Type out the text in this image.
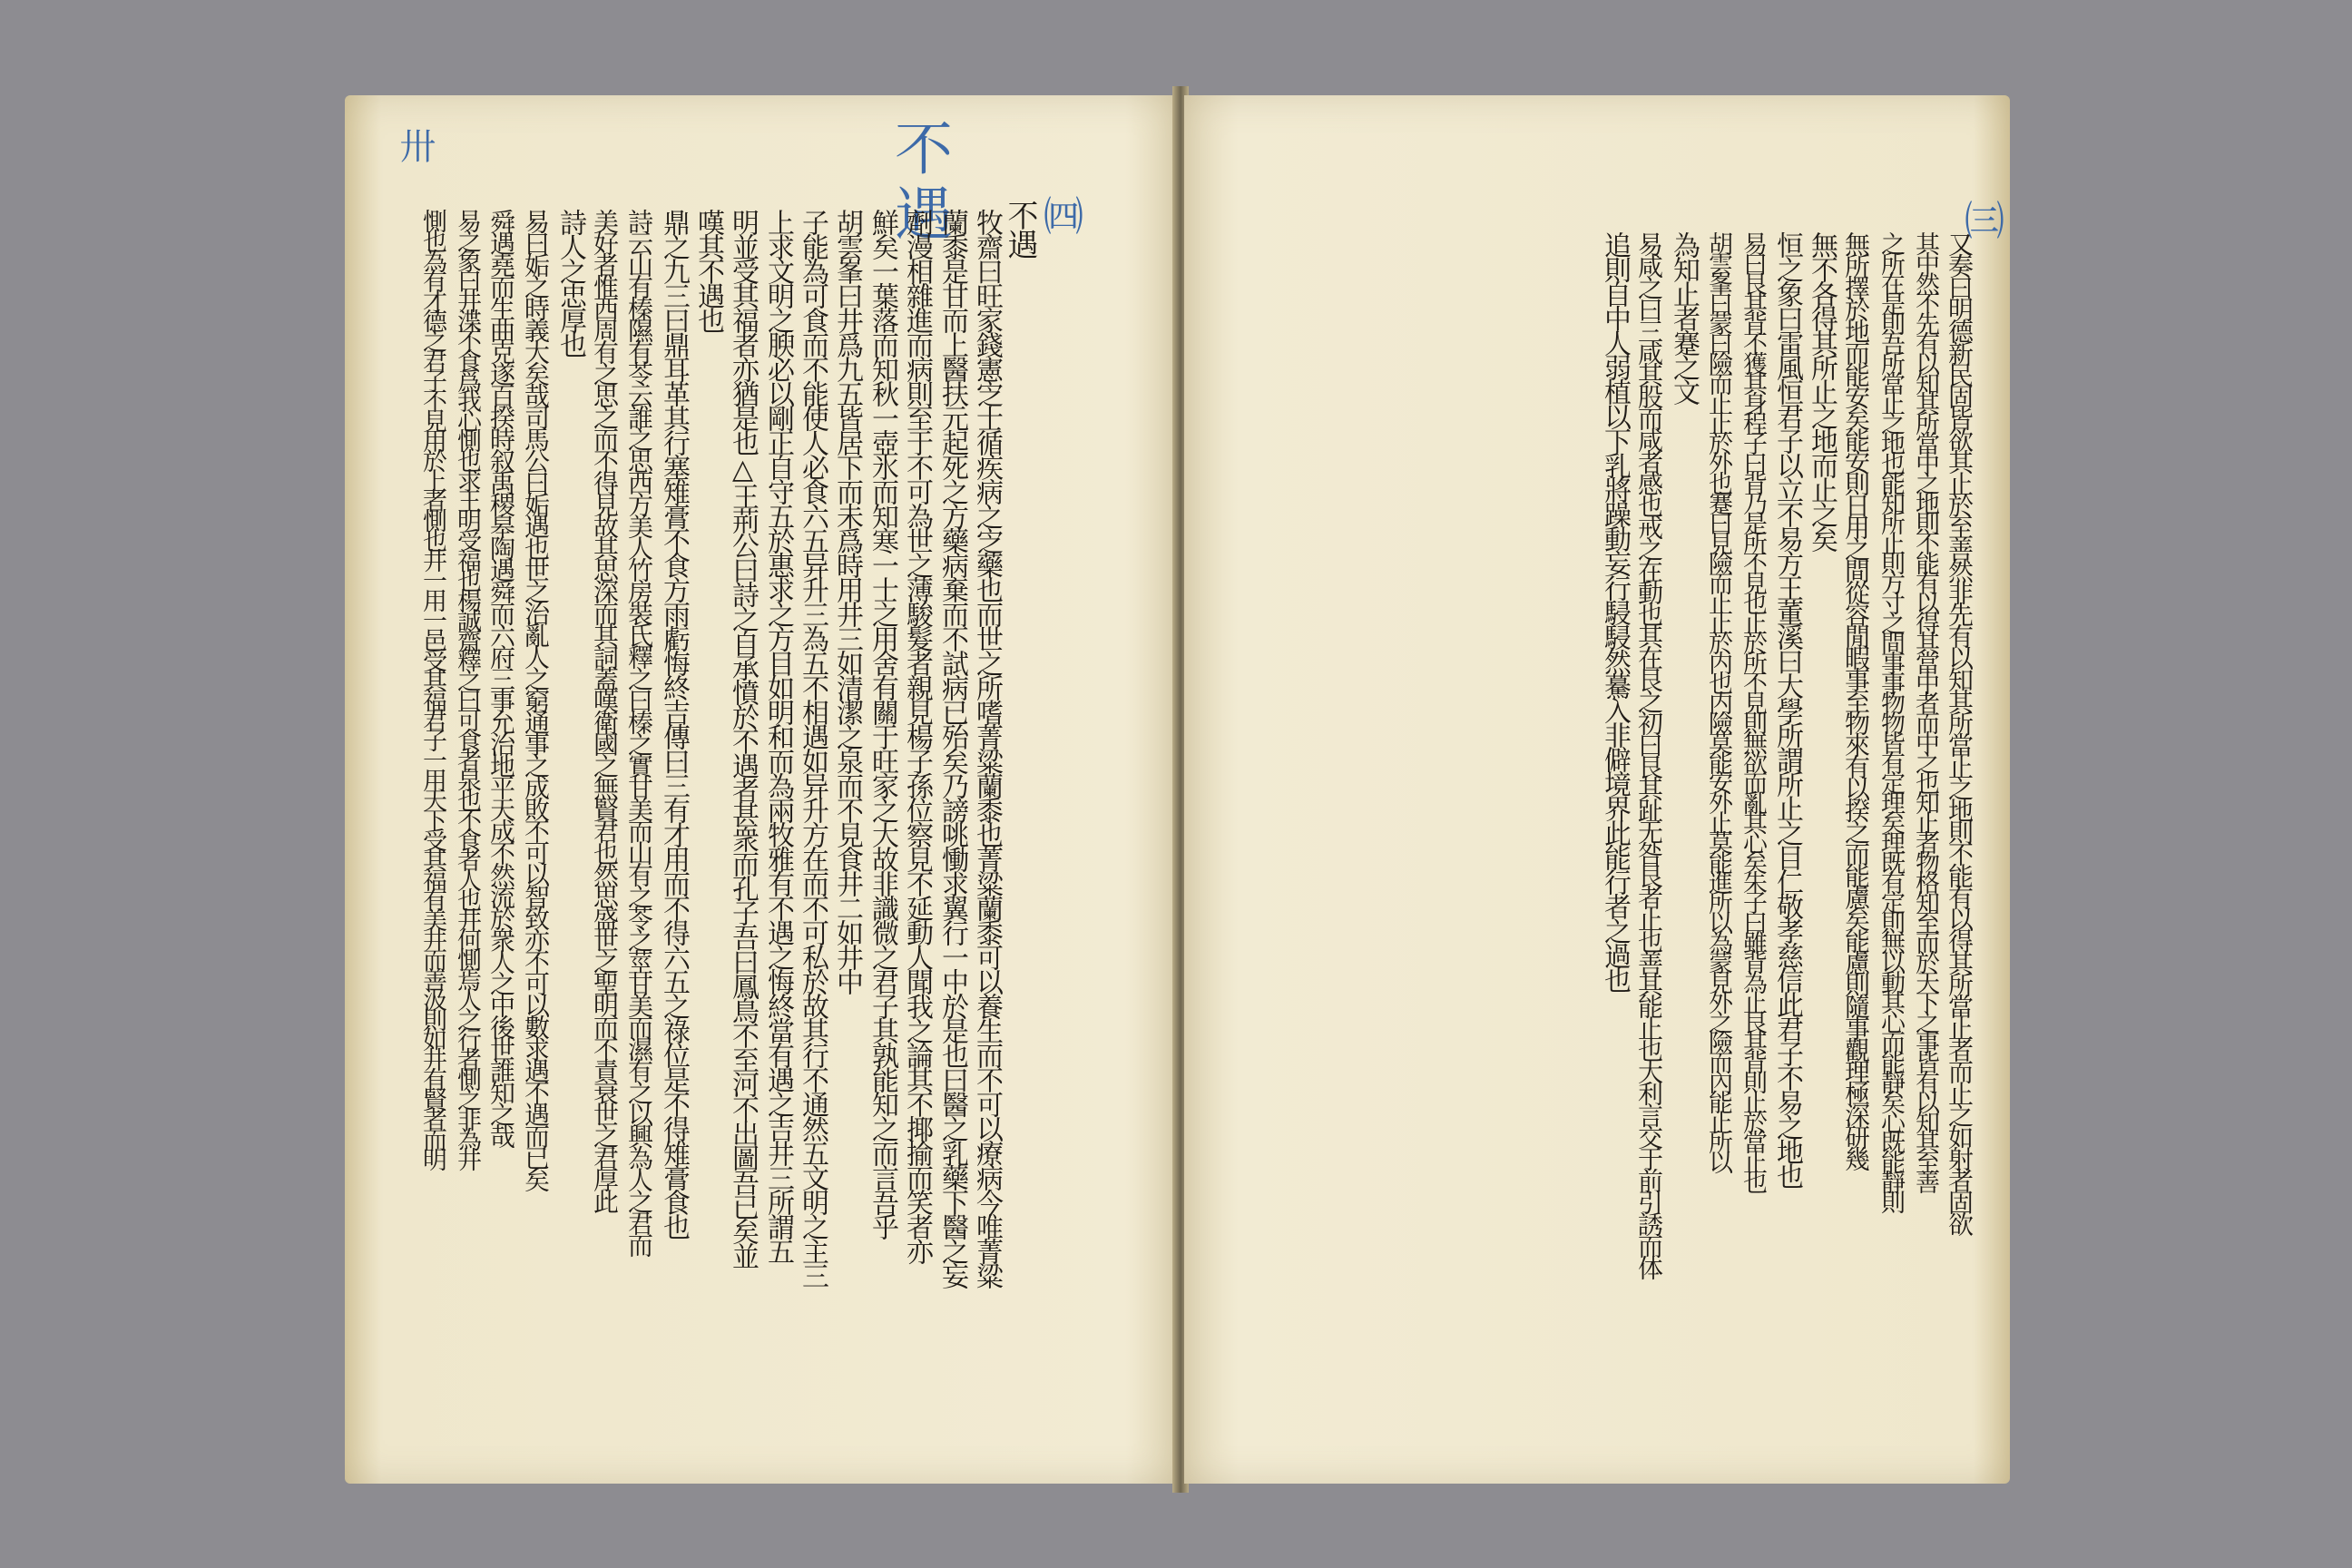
卅	不遇 ㈣
不遇
牧齋曰旺家錢憲㝎士循疾病之㝎藥也而世之所嗜菁粱蘭黍也菁粱蘭黍可以養生而不可以療病今唯菁粱
蘭黍是甘而上醫扶元起死之方藥病棄而不試病已殆矣乃謗咷慟求翼行一中於是也曰醫之乳藥下醫之妄
劑漫相雜進而病則至于不可為世之薄駿髮者親見楊子孫位察見不延動人聞我之論其不揶揄而笑者亦
鮮矣一葉落而知秋一壺氷而知寒一士之用舍有關于旺家之大故非識微之君子其孰能知之而言吾乎
胡雲峯曰井爲九五皆居下而未爲時用井三如清潔之泉而不見食井二如井中
子能為可食而不能使人必食六五异升三為五不相遇如异升方在而不可私於故其行不通然五文明之主三
上求文明之腴必以剛正自守五於惠求之方目如明和而為兩牧雅有不遇之悔終當有遇之吉井三所謂五
明並受其福者亦猶是也△王荊公曰詩之自承憤於不遇者甚衆而孔子吾曰鳳鳥不至河不出圖吾已矣並
嘆其不遇也
鼎之九三曰鼎耳革其行塞雉膏不食方雨虧悔終吉傳曰三有才用而不得六五之祿位是不得雉膏食也
詩云山有榛隰有苓云誰之思西方美人竹房裝氏釋之曰榛之實甘美而山有之苓之莖甘美而濕有之以興為人之君而
美好者惟西周有之思之而不得見故其思深而其詞蓋嘆衛國之無賢君也然思盛世之聖明而不責衰世之君厚此
詩人之忠厚也
易曰姤之時義大矣哉司馬公曰姤遇也世之治亂人之窮通事之成敗不可以智致亦不可以數求遇不遇而已矣
舜遇堯而生曲克遂百揆時叙禹稷皋陶遇舜而六府三事允治地平天成不然流於衆人之中後世誰知之哉
易之象曰井渫不食爲我心惻也求王明受福也楊誠齋釋之曰可食者泉也不食者人也井何惻焉人之行者惻之非為井
惻也為有才德之君子不見用於上者惻也井一用一邑受其福君子一用天下受其福有美井而善汲則如井有賢者而明	㈢
又奏曰明德新民固皆欲其止於至善然非先有以知其所當止之地則不能有以得其所當止者而止之如射者固欲
其中然不先有以知其所當中之地則不能有以得其當中者而中之也知止者物格知至而於天下之事皆有以知其至善
之所在是則吾所當止之地也能知所止則方寸之間事事物物皆有定理矣理既有定則無以動其心而能靜矣心既能靜則
無所擇於地而能安矣能安則日用之間從容閒暇事至物來有以揆之而能慮矣能慮則隨事觀理極深研幾
無不各得其所止之地而止之矣
恒之象曰雷風恒君子以立不易方王董溪曰大學所謂所止之目仁敬孝慈信此君子不易之地也
易曰艮其背不獲其身程子曰背乃是所不見也止於所不見則無欲而亂其心矣朱子曰雖背為止艮其背則止於當止也
胡雲峯曰蒙曰險而止止於外也蹇曰見險而止止於内也内險莫能安外止莫能進所以為蒙見外之險而內能止所以
為知止者蹇之文
易咸之曰三咸其股而咸者感也戒之在動也其在艮之初曰艮其趾无咎艮者止也善其能止也大利言交于前引誘而体
追則自中人弱植以下乳將躁動妄行駸駸然驀入非僻境界此能行者之過也
